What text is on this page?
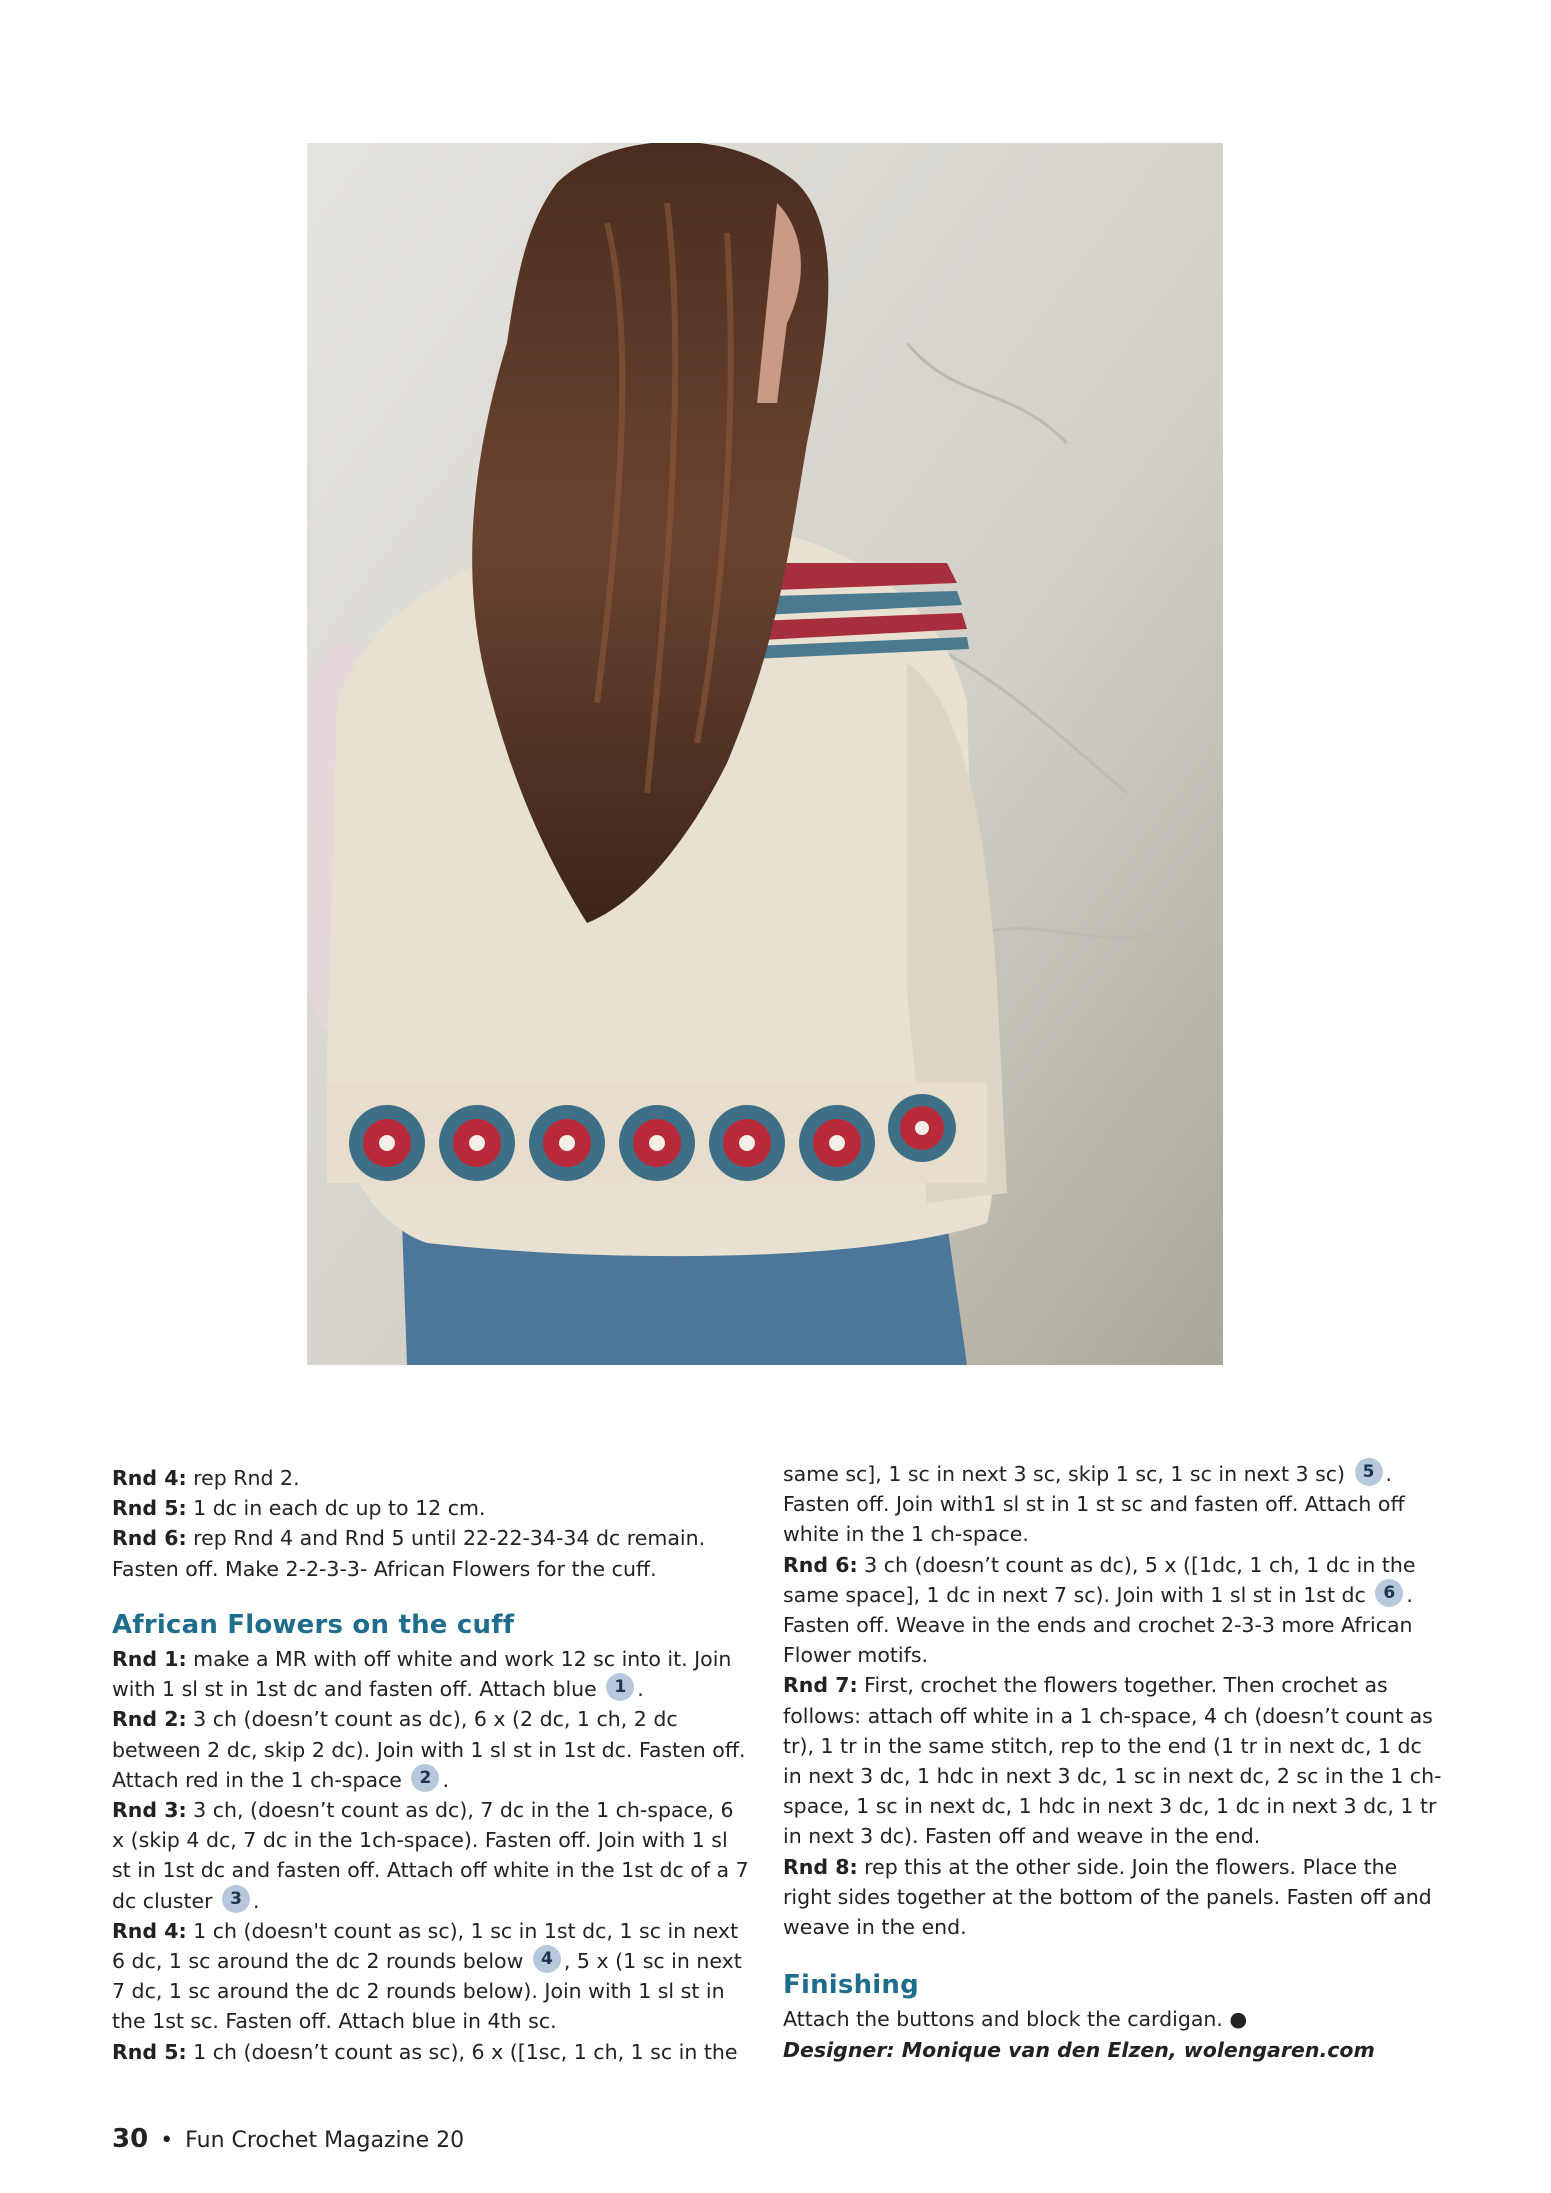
Rnd 4: rep Rnd 2.

Rnd 5: 1 dc in each dc up to 12 cm.

Rnd 6: rep Rnd 4 and Rnd 5 until 22-22-34-34 dc remain. Fasten off. Make 2-2-3-3- African Flowers for the cuff.

African Flowers on the cuff

Rnd 1: make a MR with off white and work 12 sc into it. Join with 1 sl st in 1st dc and fasten off. Attach blue 1 .

Rnd 2: 3 ch (doesn’t count as dc), 6 x (2 dc, 1 ch, 2 dc between 2 dc, skip 2 dc). Join with 1 sl st in 1st dc. Fasten off. Attach red in the 1 ch-space 2 .

Rnd 3: 3 ch, (doesn’t count as dc), 7 dc in the 1 ch-space, 6 x (skip 4 dc, 7 dc in the 1ch-space). Fasten off. Join with 1 sl st in 1st dc and fasten off. Attach off white in the 1st dc of a 7 dc cluster 3 .

Rnd 4: 1 ch (doesn't count as sc), 1 sc in 1st dc, 1 sc in next 6 dc, 1 sc around the dc 2 rounds below 4 , 5 x (1 sc in next 7 dc, 1 sc around the dc 2 rounds below). Join with 1 sl st in the 1st sc. Fasten off. Attach blue in 4th sc.

Rnd 5: 1 ch (doesn’t count as sc), 6 x ([1sc, 1 ch, 1 sc in the

same sc], 1 sc in next 3 sc, skip 1 sc, 1 sc in next 3 sc) 5 . Fasten off. Join with1 sl st in 1 st sc and fasten off. Attach off white in the 1 ch-space.

Rnd 6: 3 ch (doesn’t count as dc), 5 x ([1dc, 1 ch, 1 dc in the same space], 1 dc in next 7 sc). Join with 1 sl st in 1st dc 6 . Fasten off. Weave in the ends and crochet 2-3-3 more African Flower motifs.

Rnd 7: First, crochet the flowers together. Then crochet as follows: attach off white in a 1 ch-space, 4 ch (doesn’t count as tr), 1 tr in the same stitch, rep to the end (1 tr in next dc, 1 dc in next 3 dc, 1 hdc in next 3 dc, 1 sc in next dc, 2 sc in the 1 ch-space, 1 sc in next dc, 1 hdc in next 3 dc, 1 dc in next 3 dc, 1 tr in next 3 dc). Fasten off and weave in the end.

Rnd 8: rep this at the other side. Join the flowers. Place the right sides together at the bottom of the panels. Fasten off and weave in the end.

Finishing

Attach the buttons and block the cardigan. ●

Designer: Monique van den Elzen, wolengaren.com

30 • Fun Crochet Magazine 20
